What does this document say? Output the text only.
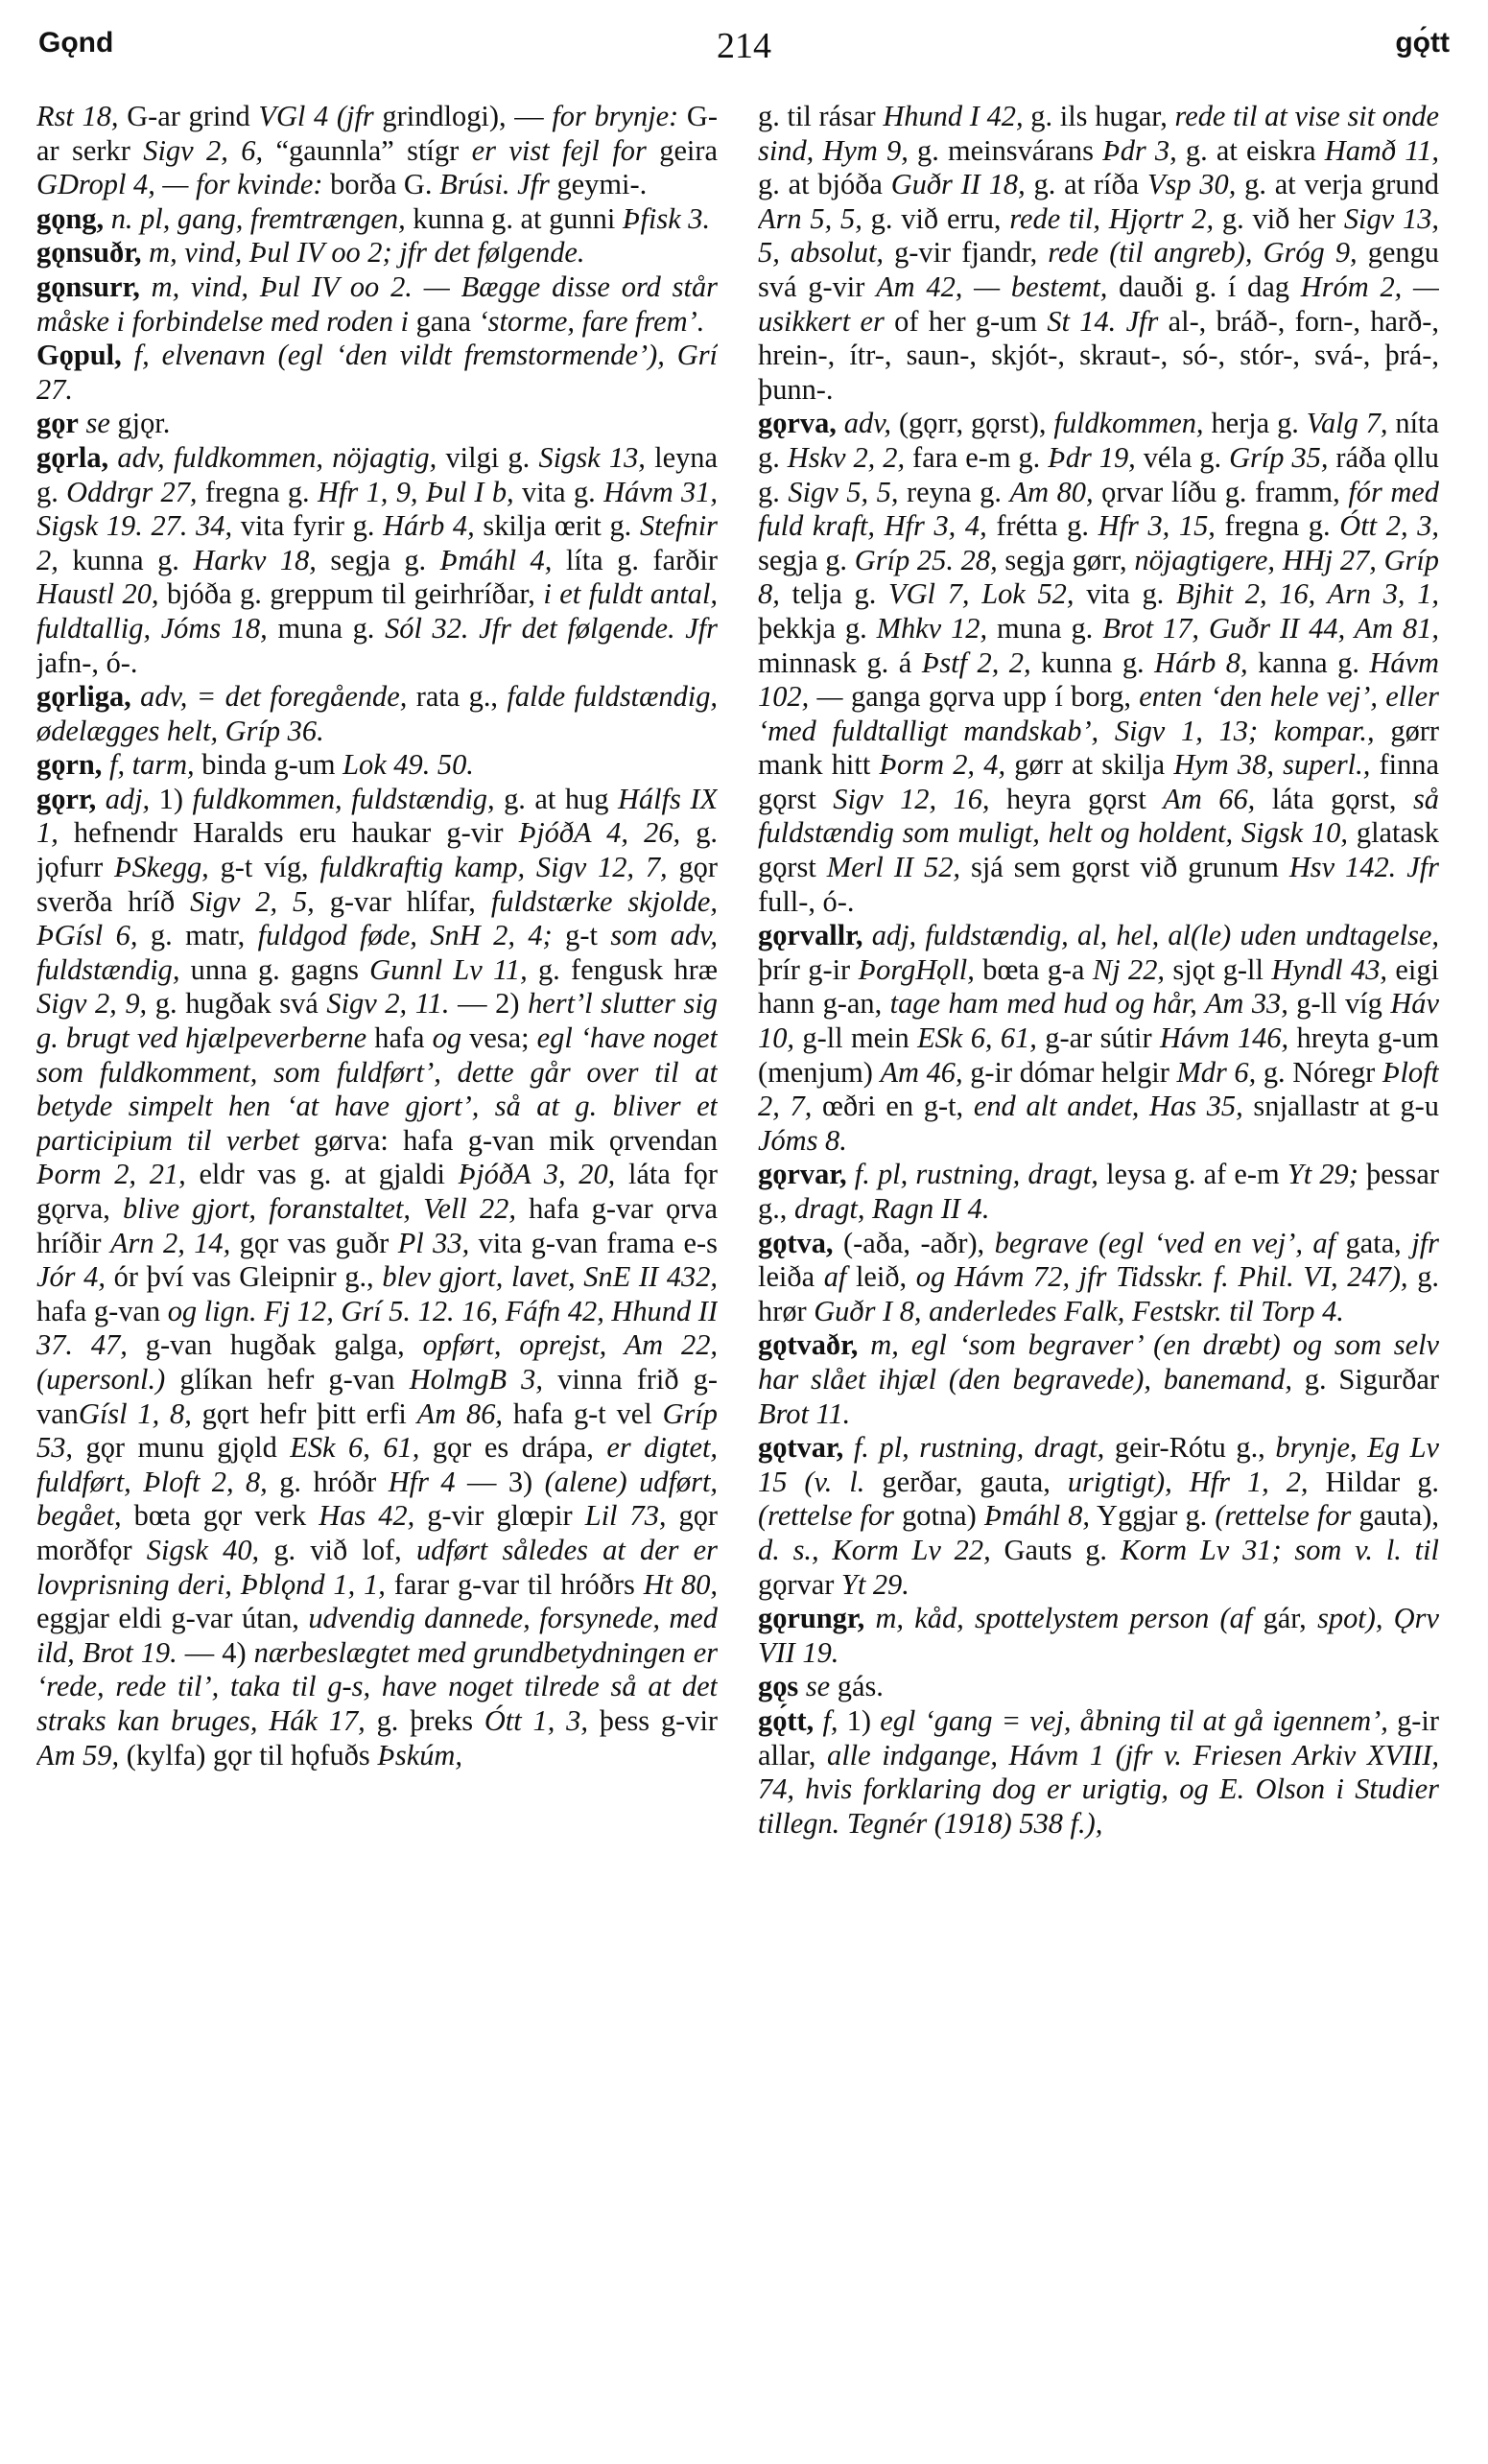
Gǫnd	214	gǫ́tt

Rst 18, G-ar grind VGl 4 (jfr grindlogi), — for brynje: G-ar serkr Sigv 2, 6, “gaunnla” stígr er vist fejl for geira GDropl 4, — for kvinde: borða G. Brúsi. Jfr geymi-.

gǫng, n. pl, gang, fremtrængen, kunna g. at gunni Þfisk 3.

gǫnsuðr, m, vind, Þul IV oo 2; jfr det følgende.

gǫnsurr, m, vind, Þul IV oo 2. — Bægge disse ord står måske i forbindelse med roden i gana ‘storme, fare frem’.

Gǫpul, f, elvenavn (egl ‘den vildt fremstormende’), Grí 27.

gǫr se gjǫr.

gǫrla, adv, fuldkommen, nöjagtig, vilgi g. Sigsk 13, leyna g. Oddrgr 27, fregna g. Hfr 1, 9, Þul I b, vita g. Hávm 31, Sigsk 19. 27. 34, vita fyrir g. Hárb 4, skilja œrit g. Stefnir 2, kunna g. Harkv 18, segja g. Þmáhl 4, líta g. farðir Haustl 20, bjóða g. greppum til geirhríðar, i et fuldt antal, fuldtallig, Jóms 18, muna g. Sól 32. Jfr det følgende. Jfr jafn-, ó-.

gǫrliga, adv, = det foregående, rata g., falde fuldstændig, ødelægges helt, Gríp 36.

gǫrn, f, tarm, binda g-um Lok 49. 50.

gǫrr, adj, 1) fuldkommen, fuldstændig, g. at hug Hálfs IX 1, hefnendr Haralds eru haukar g-vir ÞjóðA 4, 26, g. jǫfurr ÞSkegg, g-t víg, fuldkraftig kamp, Sigv 12, 7, gǫr sverða hríð Sigv 2, 5, g-var hlífar, fuldstærke skjolde, ÞGísl 6, g. matr, fuldgod føde, SnH 2, 4; g-t som adv, fuldstændig, unna g. gagns Gunnl Lv 11, g. fengusk hræ Sigv 2, 9, g. hugðak svá Sigv 2, 11. — 2) hert’l slutter sig g. brugt ved hjælpeverberne hafa og vesa; egl ‘have noget som fuldkomment, som fuldført’, dette går over til at betyde simpelt hen ‘at have gjort’, så at g. bliver et participium til verbet gørva: hafa g-van mik ǫrvendan Þorm 2, 21, eldr vas g. at gjaldi ÞjóðA 3, 20, láta fǫr gǫrva, blive gjort, foranstaltet, Vell 22, hafa g-var ǫrva hríðir Arn 2, 14, gǫr vas guðr Pl 33, vita g-van frama e-s Jór 4, ór því vas Gleipnir g., blev gjort, lavet, SnE II 432, hafa g-van og lign. Fj 12, Grí 5. 12. 16, Fáfn 42, Hhund II 37. 47, g-van hugðak galga, opført, oprejst, Am 22, (upersonl.) glíkan hefr g-van HolmgB 3, vinna frið g-vanGísl 1, 8, gǫrt hefr þitt erfi Am 86, hafa g-t vel Gríp 53, gǫr munu gjǫld ESk 6, 61, gǫr es drápa, er digtet, fuldført, Þloft 2, 8, g. hróðr Hfr 4 — 3) (alene) udført, begået, bœta gǫr verk Has 42, g-vir glœpir Lil 73, gǫr morðfǫr Sigsk 40, g. við lof, udført således at der er lovprisning deri, Þblǫnd 1, 1, farar g-var til hróðrs Ht 80, eggjar eldi g-var útan, udvendig dannede, forsynede, med ild, Brot 19. — 4) nærbeslægtet med grundbetydningen er ‘rede, rede til’, taka til g-s, have noget tilrede så at det straks kan bruges, Hák 17, g. þreks Ótt 1, 3, þess g-vir Am 59, (kylfa) gǫr til hǫfuðs Þskúm,

g. til rásar Hhund I 42, g. ils hugar, rede til at vise sit onde sind, Hym 9, g. meinsvárans Þdr 3, g. at eiskra Hamð 11, g. at bjóða Guðr II 18, g. at ríða Vsp 30, g. at verja grund Arn 5, 5, g. við erru, rede til, Hjǫrtr 2, g. við her Sigv 13, 5, absolut, g-vir fjandr, rede (til angreb), Gróg 9, gengu svá g-vir Am 42, — bestemt, dauði g. í dag Hróm 2, — usikkert er of her g-um St 14. Jfr al-, bráð-, forn-, harð-, hrein-, ítr-, saun-, skjót-, skraut-, só-, stór-, svá-, þrá-, þunn-.

gǫrva, adv, (gǫrr, gǫrst), fuldkommen, herja g. Valg 7, níta g. Hskv 2, 2, fara e-m g. Þdr 19, véla g. Gríp 35, ráða ǫllu g. Sigv 5, 5, reyna g. Am 80, ǫrvar líðu g. framm, fór med fuld kraft, Hfr 3, 4, frétta g. Hfr 3, 15, fregna g. Ótt 2, 3, segja g. Gríp 25. 28, segja gørr, nöjagtigere, HHj 27, Gríp 8, telja g. VGl 7, Lok 52, vita g. Bjhit 2, 16, Arn 3, 1, þekkja g. Mhkv 12, muna g. Brot 17, Guðr II 44, Am 81, minnask g. á Þstf 2, 2, kunna g. Hárb 8, kanna g. Hávm 102, — ganga gǫrva upp í borg, enten ‘den hele vej’, eller ‘med fuldtalligt mandskab’, Sigv 1, 13; kompar., gørr mank hitt Þorm 2, 4, gørr at skilja Hym 38, superl., finna gǫrst Sigv 12, 16, heyra gǫrst Am 66, láta gǫrst, så fuldstændig som muligt, helt og holdent, Sigsk 10, glatask gǫrst Merl II 52, sjá sem gǫrst við grunum Hsv 142. Jfr full-, ó-.

gǫrvallr, adj, fuldstændig, al, hel, al(le) uden undtagelse, þrír g-ir ÞorgHǫll, bœta g-a Nj 22, sjǫt g-ll Hyndl 43, eigi hann g-an, tage ham med hud og hår, Am 33, g-ll víg Háv 10, g-ll mein ESk 6, 61, g-ar sútir Hávm 146, hreyta g-um (menjum) Am 46, g-ir dómar helgir Mdr 6, g. Nóregr Þloft 2, 7, œðri en g-t, end alt andet, Has 35, snjallastr at g-u Jóms 8.

gǫrvar, f. pl, rustning, dragt, leysa g. af e-m Yt 29; þessar g., dragt, Ragn II 4.

gǫtva, (-aða, -aðr), begrave (egl ‘ved en vej’, af gata, jfr leiða af leið, og Hávm 72, jfr Tidsskr. f. Phil. VI, 247), g. hrør Guðr I 8, anderledes Falk, Festskr. til Torp 4.

gǫtvaðr, m, egl ‘som begraver’ (en dræbt) og som selv har slået ihjæl (den begravede), banemand, g. Sigurðar Brot 11.

gǫtvar, f. pl, rustning, dragt, geir-Rótu g., brynje, Eg Lv 15 (v. l. gerðar, gauta, urigtigt), Hfr 1, 2, Hildar g. (rettelse for gotna) Þmáhl 8, Yggjar g. (rettelse for gauta), d. s., Korm Lv 22, Gauts g. Korm Lv 31; som v. l. til gǫrvar Yt 29.

gǫrungr, m, kåd, spottelystem person (af gár, spot), Ǫrv VII 19.

gǫs se gás.

gǫ́tt, f, 1) egl ‘gang = vej, åbning til at gå igennem’, g-ir allar, alle indgange, Hávm 1 (jfr v. Friesen Arkiv XVIII, 74, hvis forklaring dog er urigtig, og E. Olson i Studier tillegn. Tegnér (1918) 538 f.),
